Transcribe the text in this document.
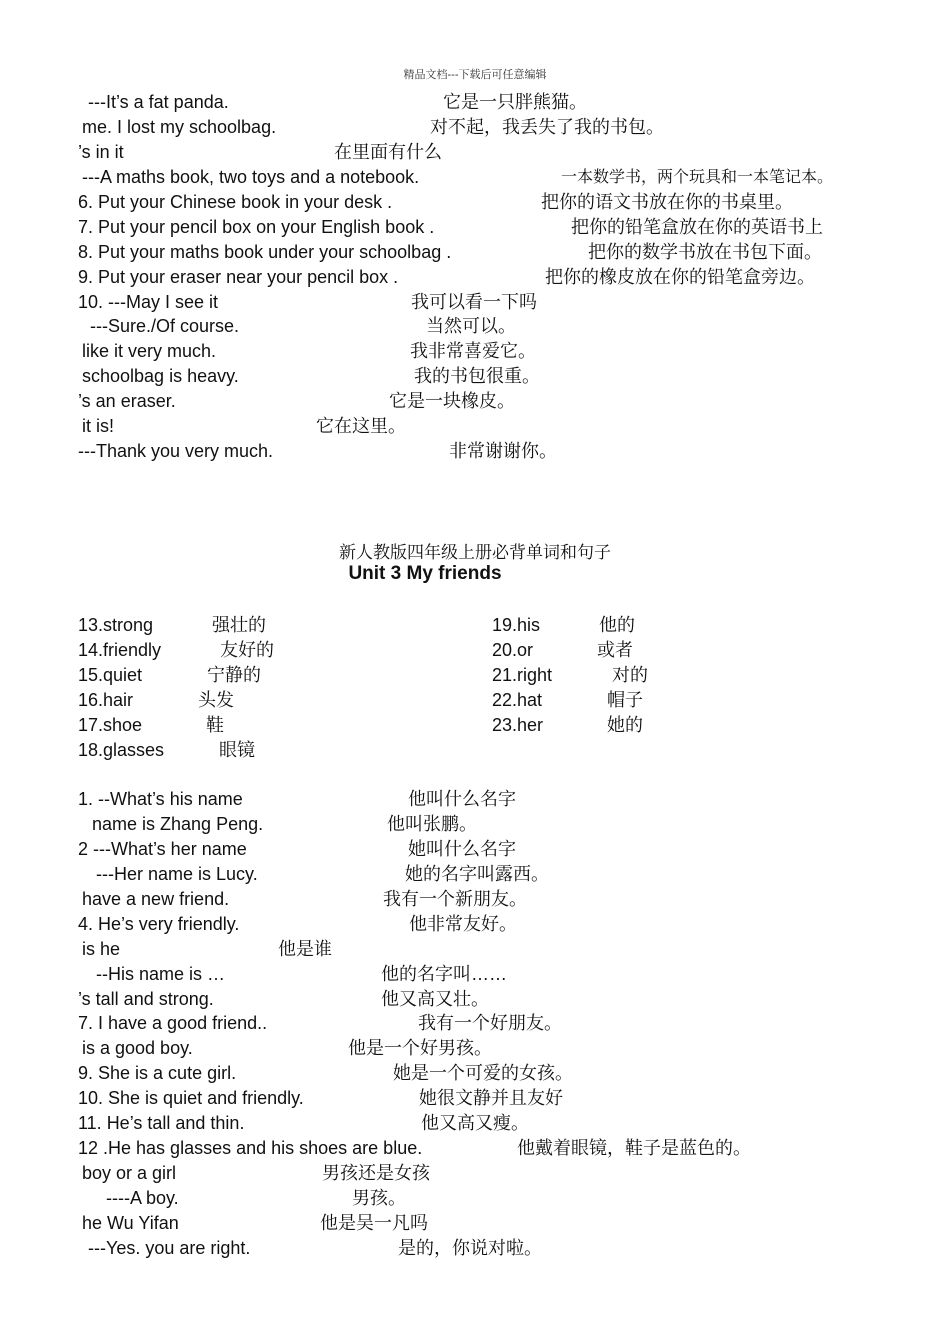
精品文档---下载后可任意编辑
---It’s a fat panda.	它是一只胖熊猫。
me. I lost my schoolbag.	对不起，我丢失了我的书包。
’s in it	在里面有什么
---A maths book, two toys and a notebook.	一本数学书，两个玩具和一本笔记本。
6. Put your Chinese book in your desk .	把你的语文书放在你的书桌里。
7. Put your pencil box on your English book .	把你的铅笔盒放在你的英语书上
8. Put your maths book under your schoolbag .	把你的数学书放在书包下面。
9. Put your eraser near your pencil box .	把你的橡皮放在你的铅笔盒旁边。
10. ---May I see it	我可以看一下吗
---Sure./Of course.	当然可以。
like it very much.	我非常喜爱它。
schoolbag is heavy.	我的书包很重。
’s an eraser.	它是一块橡皮。
it is!	它在这里。
---Thank you very much.	非常谢谢你。
新人教版四年级上册必背单词和句子
Unit 3 My friends
13.strong	强壮的	19.his	他的
14.friendly	友好的	20.or	或者
15.quiet	宁静的	21.right	对的
16.hair	头发	22.hat	帽子
17.shoe	鞋	23.her	她的
18.glasses	眼镜
1. --What’s his name	他叫什么名字
name is Zhang Peng.	他叫张鹏。
2 ---What’s her name	她叫什么名字
---Her name is Lucy.	她的名字叫露西。
have a new friend.	我有一个新朋友。
4. He’s very friendly.	他非常友好。
is he	他是谁
--His name is …	他的名字叫……
’s tall and strong.	他又高又壮。
7. I have a good friend..	我有一个好朋友。
is a good boy.	他是一个好男孩。
9. She is a cute girl.	她是一个可爱的女孩。
10. She is quiet and friendly.	她很文静并且友好
11. He’s tall and thin.	他又高又瘦。
12 .He has glasses and his shoes are blue.	他戴着眼镜，鞋子是蓝色的。
boy or a girl	男孩还是女孩
----A boy.	男孩。
he Wu Yifan	他是吴一凡吗
---Yes. you are right.	是的，你说对啦。
